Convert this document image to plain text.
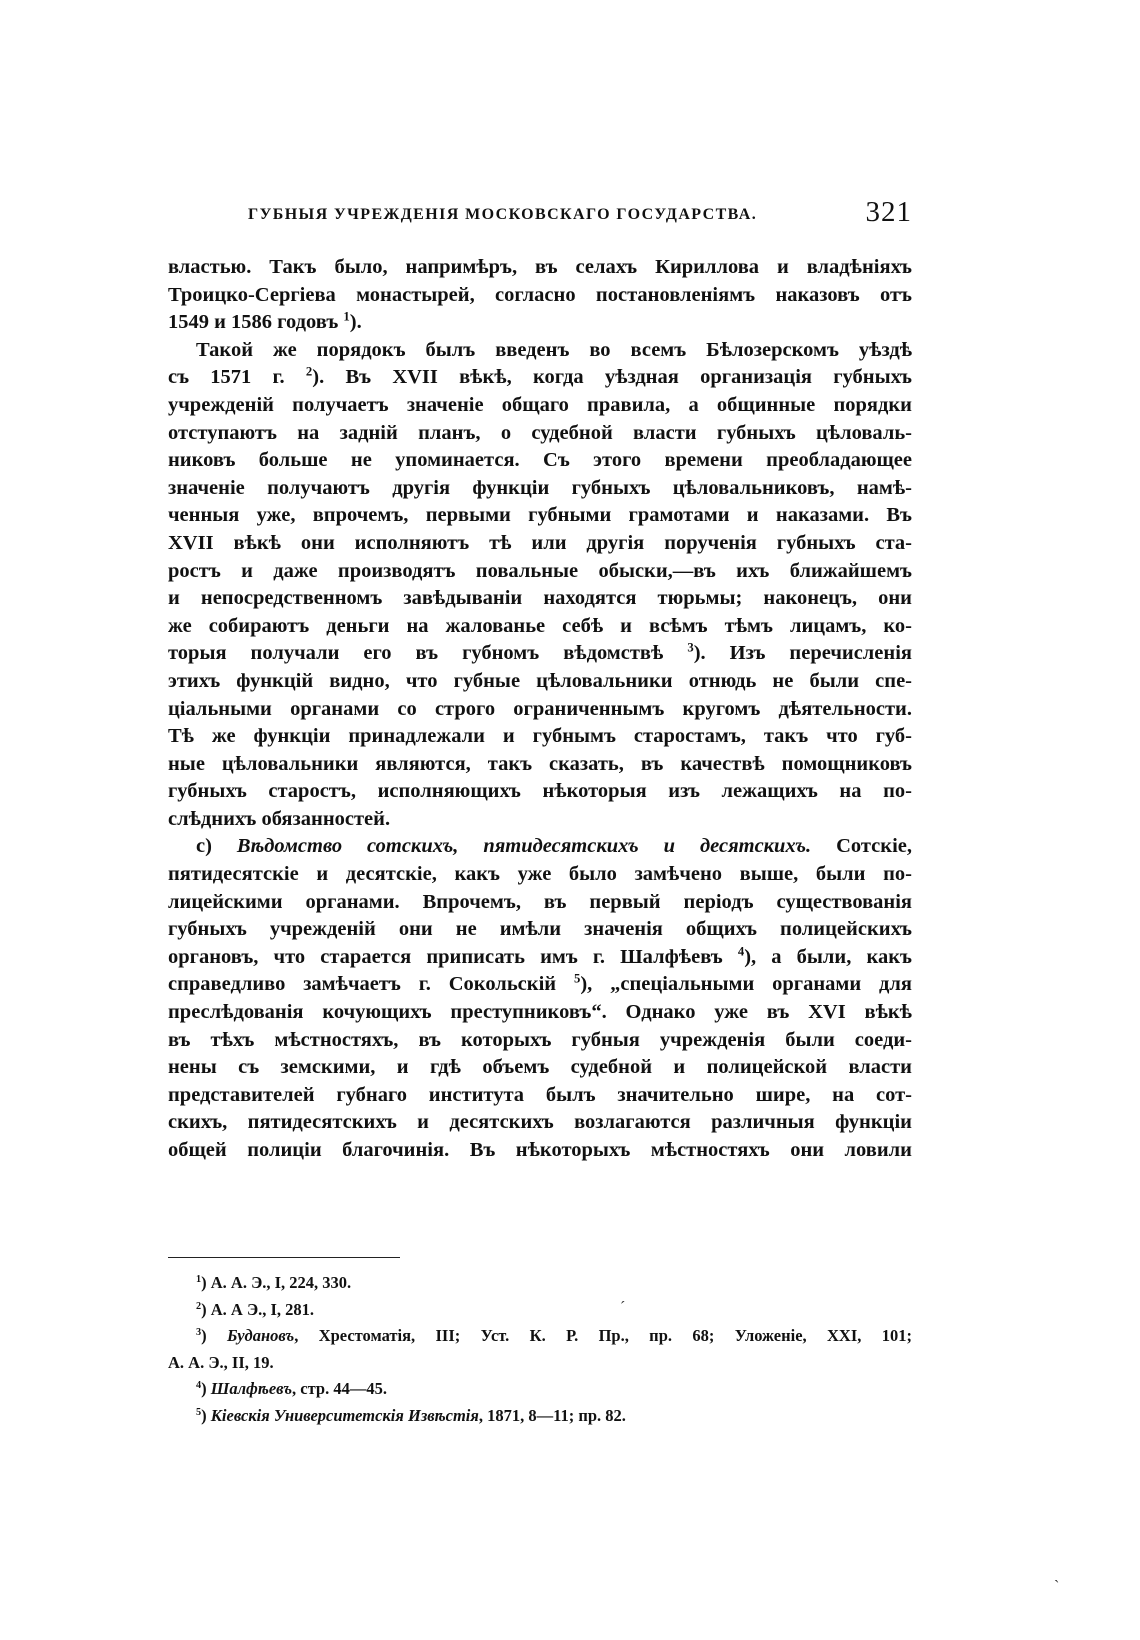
ГУБНЫЯ УЧРЕЖДЕНІЯ МОСКОВСКАГО ГОСУДАРСТВА.	321
властью. Такъ было, напримѣръ, въ селахъ Кириллова и владѣніяхъ
Троицко-Сергіева монастырей, согласно постановленіямъ наказовъ отъ
1549 и 1586 годовъ $^1$).
Такой же порядокъ былъ введенъ во всемъ Бѣлозерскомъ уѣздѣ
съ 1571 г. $^2$). Въ XVII вѣкѣ, когда уѣздная организація губныхъ
учрежденій получаетъ значеніе общаго правила, а общинные порядки
отступаютъ на задній планъ, о судебной власти губныхъ цѣловаль-
никовъ больше не упоминается. Съ этого времени преобладающее
значеніе получаютъ другія функціи губныхъ цѣловальниковъ, намѣ-
ченныя уже, впрочемъ, первыми губными грамотами и наказами. Въ
XVII вѣкѣ они исполняютъ тѣ или другія порученія губныхъ ста-
ростъ и даже производятъ повальные обыски,—въ ихъ ближайшемъ
и непосредственномъ завѣдываніи находятся тюрьмы; наконецъ, они
же собираютъ деньги на жалованье себѣ и всѣмъ тѣмъ лицамъ, ко-
торыя получали его въ губномъ вѣдомствѣ $^3$). Изъ перечисленія
этихъ функцій видно, что губные цѣловальники отнюдь не были спе-
ціальными органами со строго ограниченнымъ кругомъ дѣятельности.
Тѣ же функціи принадлежали и губнымъ старостамъ, такъ что губ-
ные цѣловальники являются, такъ сказать, въ качествѣ помощниковъ
губныхъ старостъ, исполняющихъ нѣкоторыя изъ лежащихъ на по-
слѣднихъ обязанностей.
c) Вѣдомство сотскихъ, пятидесятскихъ и десятскихъ. Сотскіе,
пятидесятскіе и десятскіе, какъ уже было замѣчено выше, были по-
лицейскими органами. Впрочемъ, въ первый періодъ существованія
губныхъ учрежденій они не имѣли значенія общихъ полицейскихъ
органовъ, что старается приписать имъ г. Шалфѣевъ $^4$), а были, какъ
справедливо замѣчаетъ г. Сокольскій $^5$), „спеціальными органами для
преслѣдованія кочующихъ преступниковъ“. Однако уже въ XVI вѣкѣ
въ тѣхъ мѣстностяхъ, въ которыхъ губныя учрежденія были соеди-
нены съ земскими, и гдѣ объемъ судебной и полицейской власти
представителей губнаго института былъ значительно шире, на сот-
скихъ, пятидесятскихъ и десятскихъ возлагаются различныя функціи
общей полиціи благочинія. Въ нѣкоторыхъ мѣстностяхъ они ловили
$^1$) А. А. Э., I, 224, 330.
$^2$) А. А Э., I, 281.
$^3$) Будановъ, Хрестоматія, III; Уст. К. Р. Пр., пр. 68; Уложеніе, XXI, 101;
А. А. Э., II, 19.
$^4$) Шалфѣевъ, стр. 44—45.
$^5$) Кіевскія Университетскія Извѣстія, 1871, 8—11; пр. 82.
ˊ
ˏ
